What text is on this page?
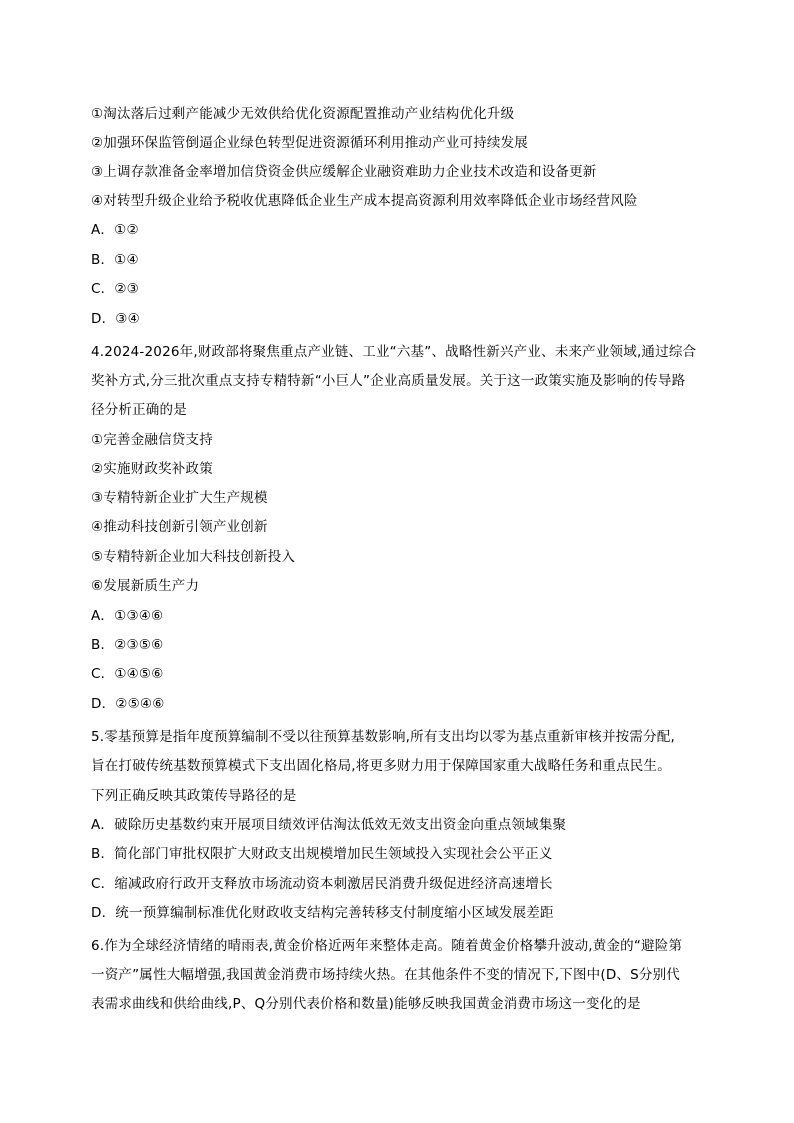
①淘汰落后过剩产能减少无效供给优化资源配置推动产业结构优化升级
②加强环保监管倒逼企业绿色转型促进资源循环利用推动产业可持续发展
③上调存款准备金率增加信贷资金供应缓解企业融资难助力企业技术改造和设备更新
④对转型升级企业给予税收优惠降低企业生产成本提高资源利用效率降低企业市场经营风险
A．①②
B．①④
C．②③
D．③④
4.2024-2026年,财政部将聚焦重点产业链、工业“六基”、战略性新兴产业、未来产业领域,通过综合
奖补方式,分三批次重点支持专精特新“小巨人”企业高质量发展。关于这一政策实施及影响的传导路
径分析正确的是
①完善金融信贷支持
②实施财政奖补政策
③专精特新企业扩大生产规模
④推动科技创新引领产业创新
⑤专精特新企业加大科技创新投入
⑥发展新质生产力
A．①③④⑥
B．②③⑤⑥
C．①④⑤⑥
D．②⑤④⑥
5.零基预算是指年度预算编制不受以往预算基数影响,所有支出均以零为基点重新审核并按需分配,
旨在打破传统基数预算模式下支出固化格局,将更多财力用于保障国家重大战略任务和重点民生。
下列正确反映其政策传导路径的是
A．破除历史基数约束开展项目绩效评估淘汰低效无效支出资金向重点领域集聚
B．简化部门审批权限扩大财政支出规模增加民生领域投入实现社会公平正义
C．缩减政府行政开支释放市场流动资本刺激居民消费升级促进经济高速增长
D．统一预算编制标准优化财政收支结构完善转移支付制度缩小区域发展差距
6.作为全球经济情绪的晴雨表,黄金价格近两年来整体走高。随着黄金价格攀升波动,黄金的“避险第
一资产”属性大幅增强,我国黄金消费市场持续火热。在其他条件不变的情况下,下图中(D、S分别代
表需求曲线和供给曲线,P、Q分别代表价格和数量)能够反映我国黄金消费市场这一变化的是
